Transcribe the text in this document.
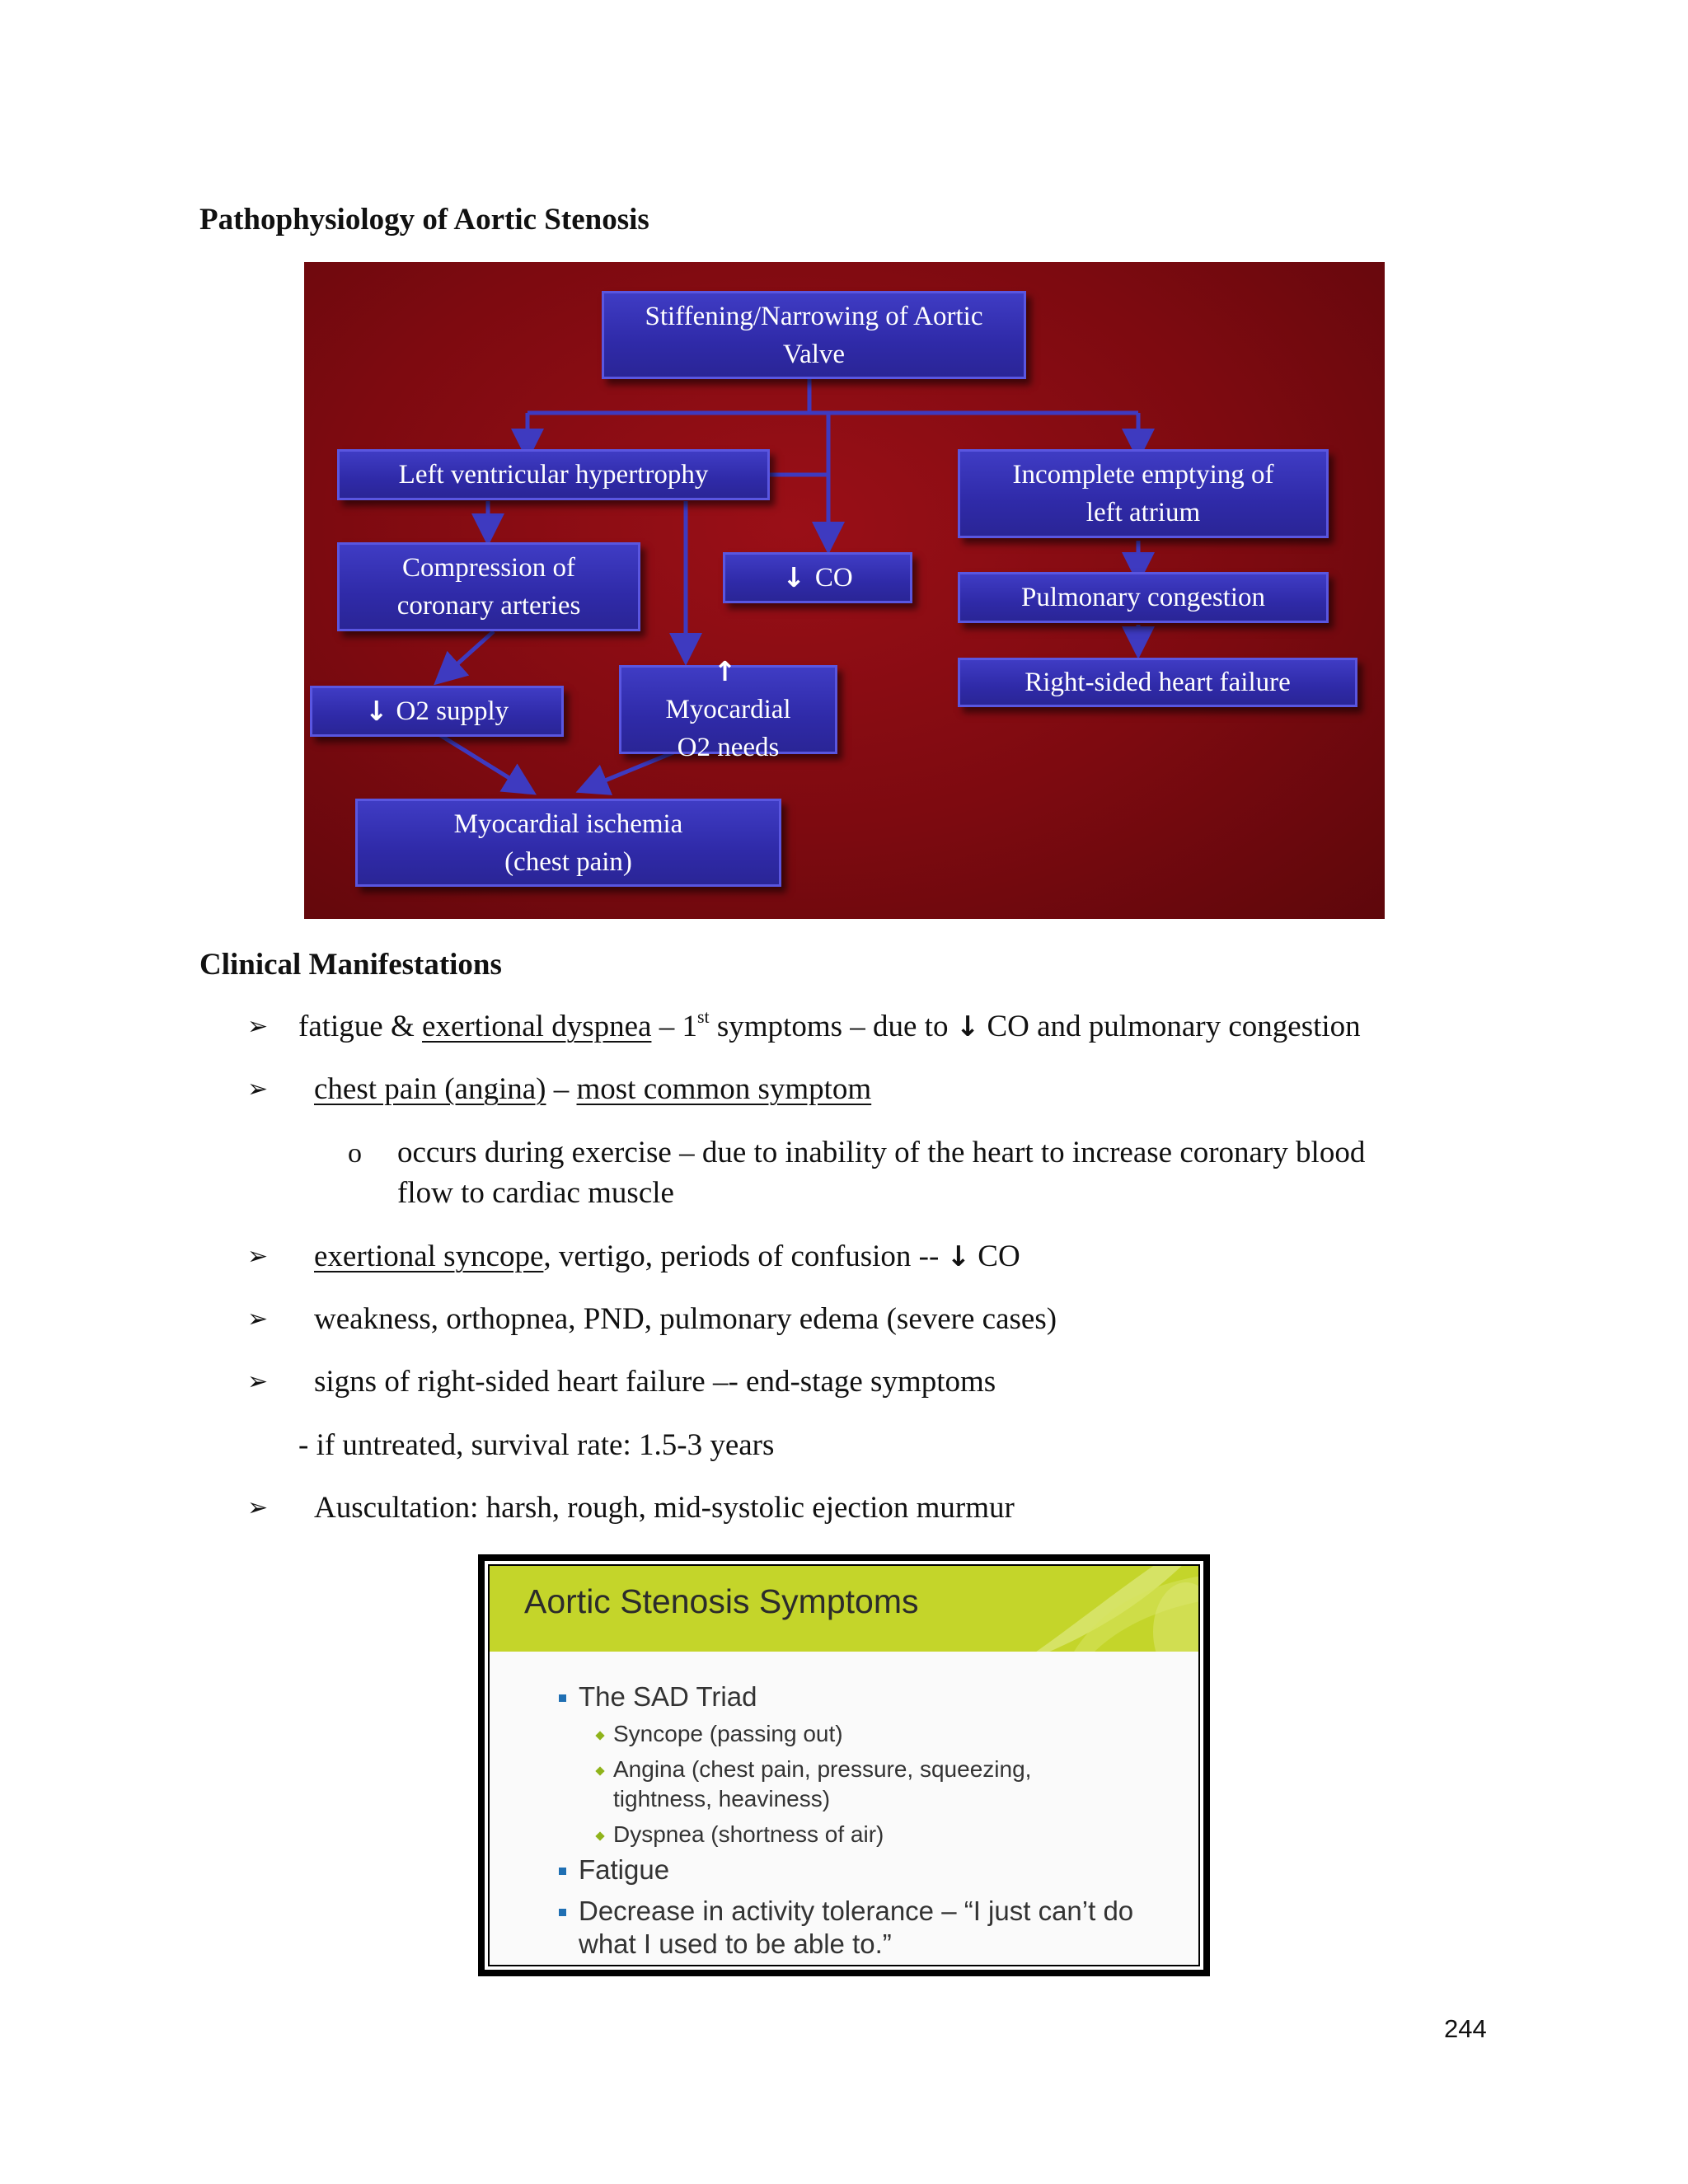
Pathophysiology of Aortic Stenosis
Stiffening/Narrowing of Aortic
Valve
Left ventricular hypertrophy
Compression of
coronary arteries
↓ CO
↓ O2 supply
↑
Myocardial
O2 needs
Myocardial ischemia
(chest pain)
Incomplete emptying of
left atrium
Pulmonary congestion
Right-sided heart failure
Clinical Manifestations
➢ fatigue & exertional dyspnea – 1st symptoms – due to ↓ CO and pulmonary congestion
➢ chest pain (angina) – most common symptom
o occurs during exercise – due to inability of the heart to increase coronary blood
flow to cardiac muscle
➢ exertional syncope, vertigo, periods of confusion -- ↓ CO
➢ weakness, orthopnea, PND, pulmonary edema (severe cases)
➢ signs of right-sided heart failure –- end-stage symptoms
- if untreated, survival rate: 1.5-3 years
➢ Auscultation: harsh, rough, mid-systolic ejection murmur
Aortic Stenosis Symptoms
The SAD Triad
Syncope (passing out)
Angina (chest pain, pressure, squeezing,
tightness, heaviness)
Dyspnea (shortness of air)
Fatigue
Decrease in activity tolerance – “I just can’t do
what I used to be able to.”
244
